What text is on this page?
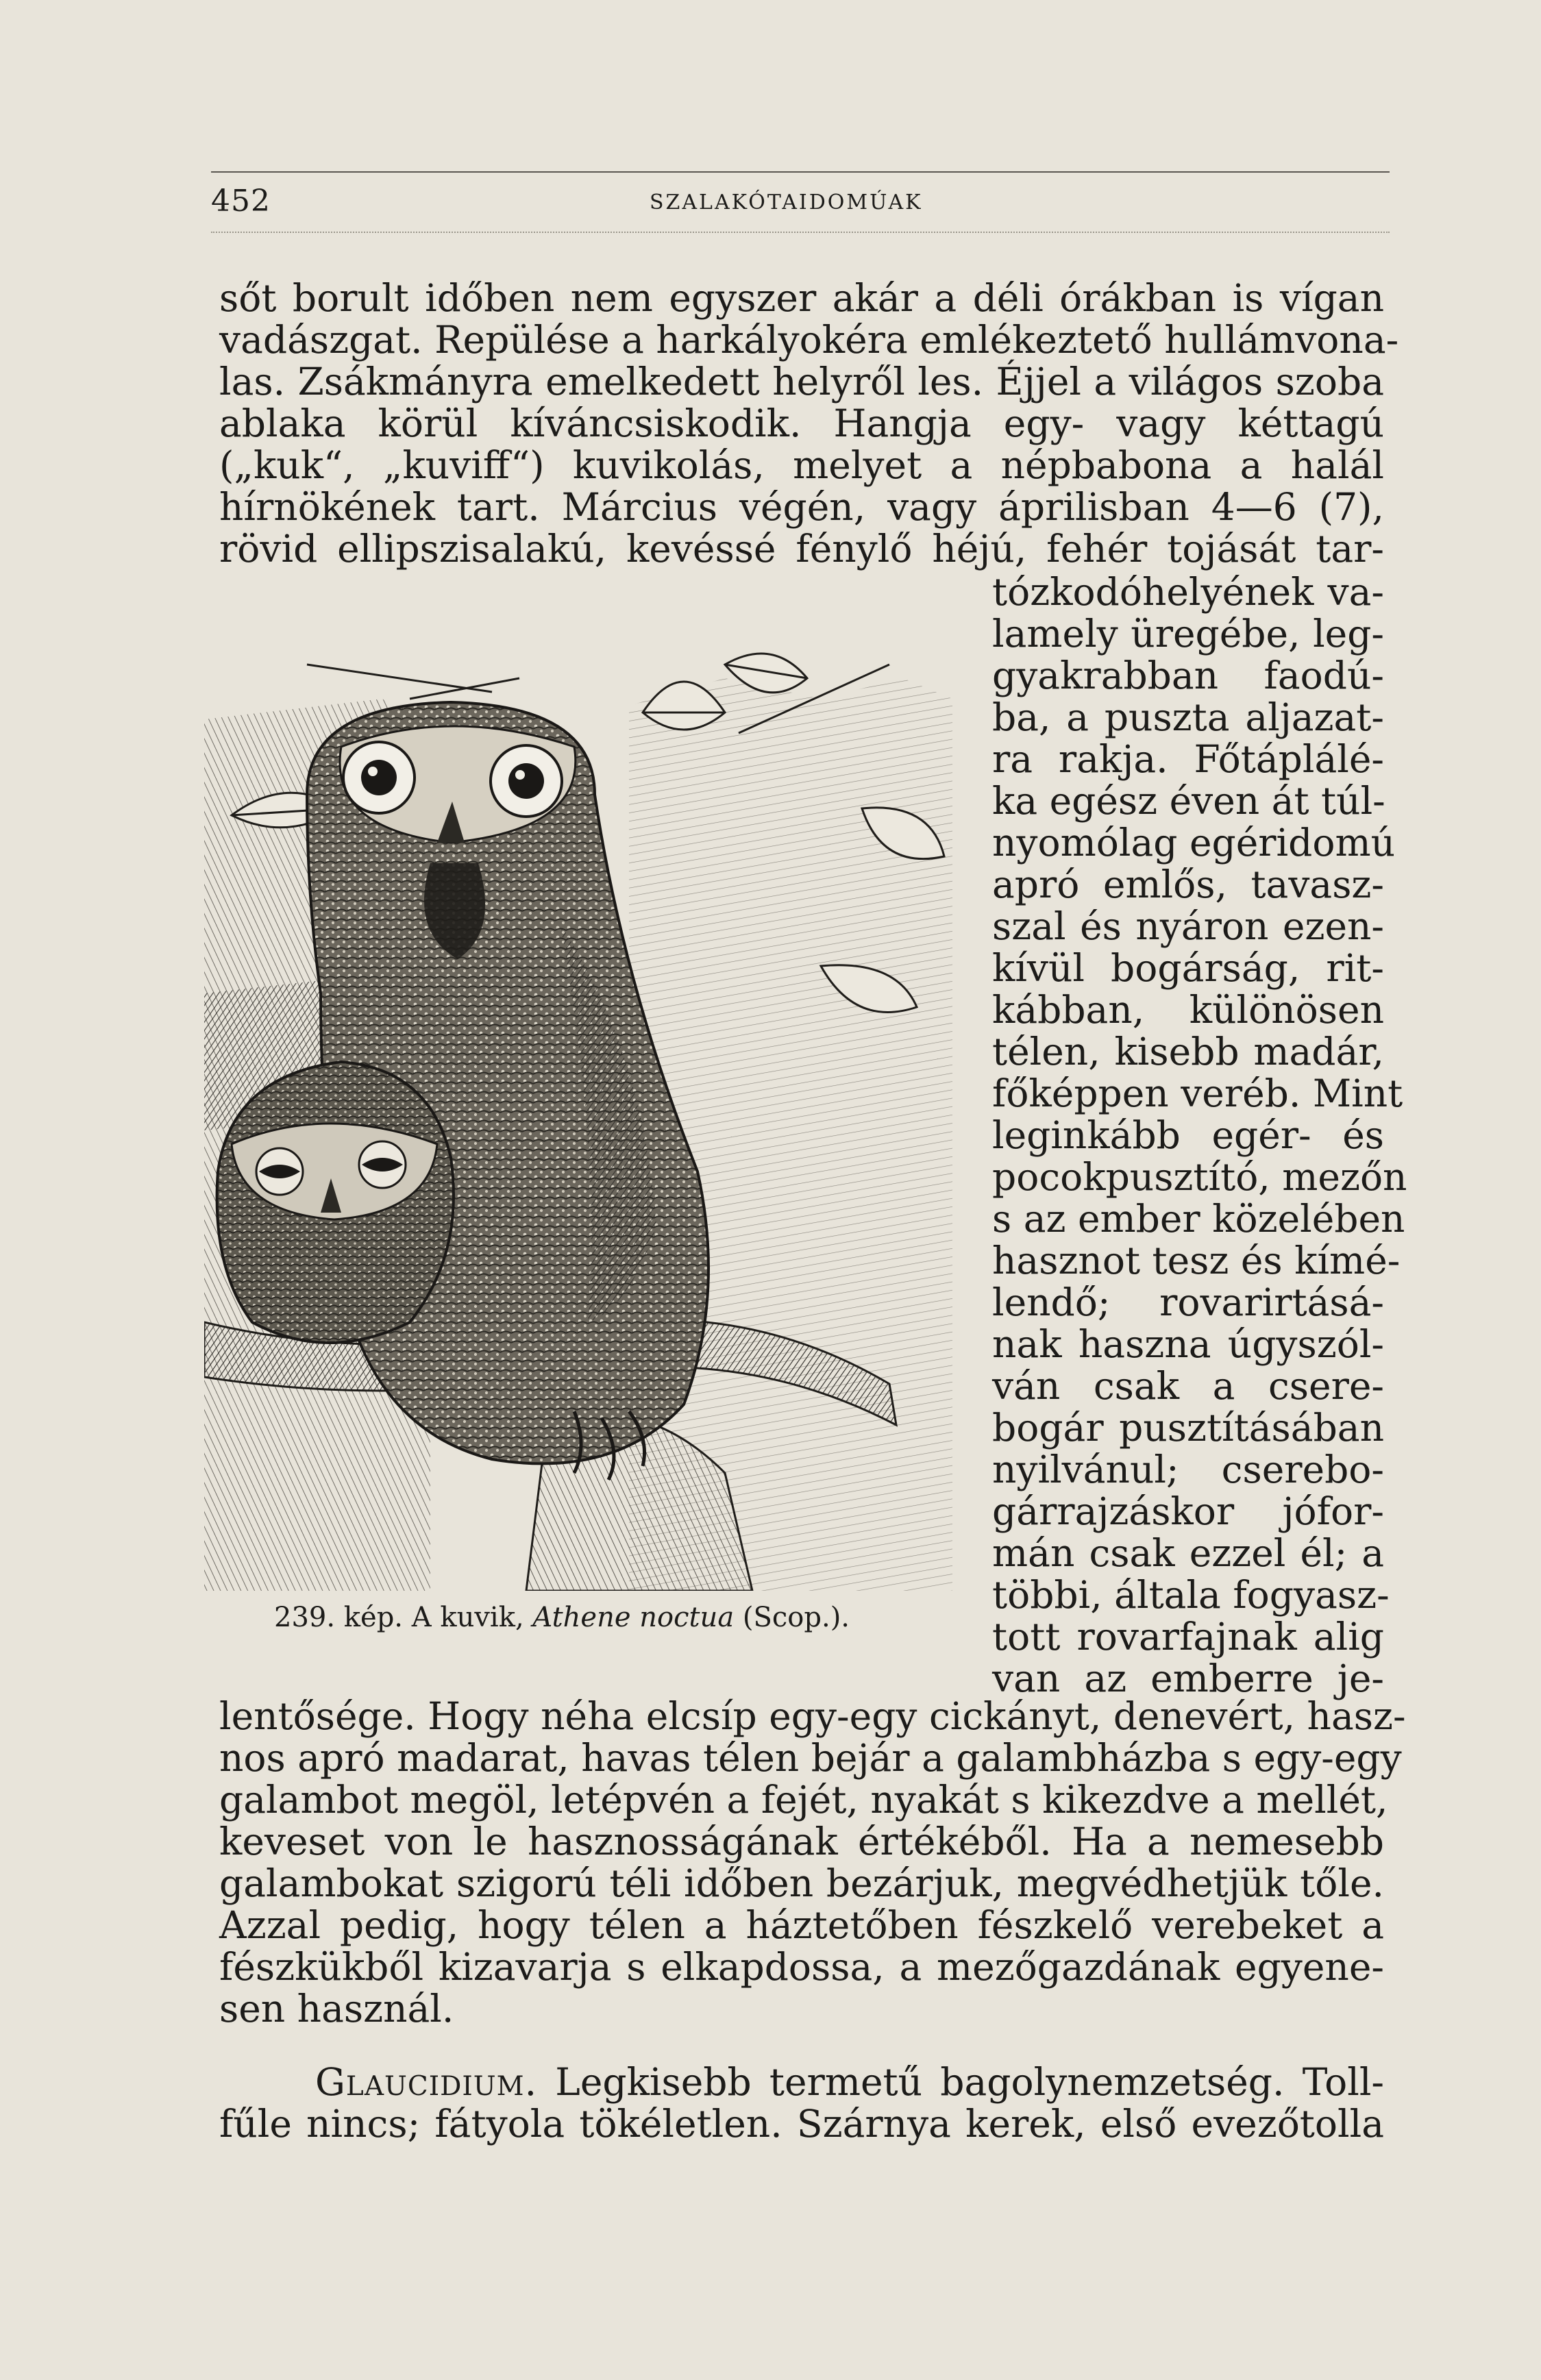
452	SZALAKÓTAIDOMÚAK
sőt borult időben nem egyszer akár a déli órákban is vígan
vadászgat. Repülése a harkályokéra emlékeztető hullámvona-
las. Zsákmányra emelkedett helyről les. Éjjel a világos szoba
ablaka körül kíváncsiskodik. Hangja egy- vagy kéttagú
(„kuk“, „kuviff“) kuvikolás, melyet a népbabona a halál
hírnökének tart. Március végén, vagy áprilisban 4—6 (7),
rövid ellipszisalakú, kevéssé fénylő héjú, fehér tojását tar-
tózkodóhelyének va-
lamely üregébe, leg-
gyakrabban faodú-
ba, a puszta aljazat-
ra rakja. Főtáplálé-
ka egész éven át túl-
nyomólag egéridomú
apró emlős, tavasz-
szal és nyáron ezen-
kívül bogárság, rit-
kábban, különösen
télen, kisebb madár,
főképpen veréb. Mint
leginkább egér- és
pocokpusztító, mezőn
s az ember közelében
hasznot tesz és kímé-
lendő; rovarirtásá-
nak haszna úgyszól-
ván csak a csere-
bogár pusztításában
nyilvánul; cserebo-
gárrajzáskor jófor-
mán csak ezzel él; a
többi, általa fogyasz-
tott rovarfajnak alig
van az emberre je-
239. kép. A kuvik, Athene noctua (Scop.).
lentősége. Hogy néha elcsíp egy-egy cickányt, denevért, hasz-
nos apró madarat, havas télen bejár a galambházba s egy-egy
galambot megöl, letépvén a fejét, nyakát s kikezdve a mellét,
keveset von le hasznosságának értékéből. Ha a nemesebb
galambokat szigorú téli időben bezárjuk, megvédhetjük tőle.
Azzal pedig, hogy télen a háztetőben fészkelő verebeket a
fészkükből kizavarja s elkapdossa, a mezőgazdának egyene-
sen használ.
Glaucidium. Legkisebb termetű bagolynemzetség. Toll-
fűle nincs; fátyola tökéletlen. Szárnya kerek, első evezőtolla
